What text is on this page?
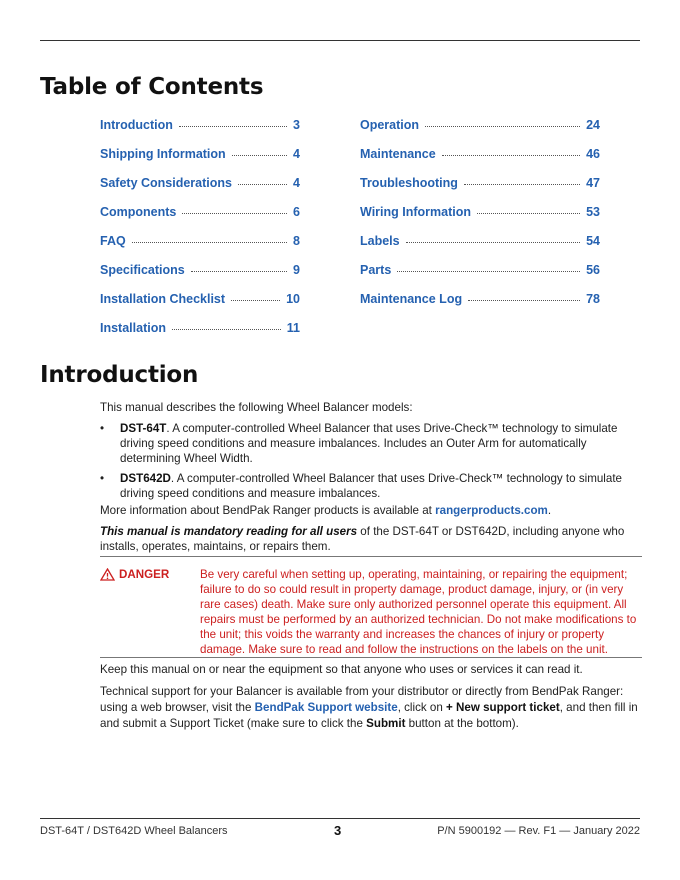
Table of Contents
Introduction	3
Shipping Information	4
Safety Considerations	4
Components	6
FAQ	8
Specifications	9
Installation Checklist	10
Installation	11
Operation	24
Maintenance	46
Troubleshooting	47
Wiring Information	53
Labels	54
Parts	56
Maintenance Log	78
Introduction
This manual describes the following Wheel Balancer models:
• DST-64T. A computer-controlled Wheel Balancer that uses Drive-Check™ technology to simulate driving speed conditions and measure imbalances. Includes an Outer Arm for automatically determining Wheel Width.
• DST642D. A computer-controlled Wheel Balancer that uses Drive-Check™ technology to simulate driving speed conditions and measure imbalances.
More information about BendPak Ranger products is available at rangerproducts.com.
This manual is mandatory reading for all users of the DST-64T or DST642D, including anyone who installs, operates, maintains, or repairs them.
DANGER	Be very careful when setting up, operating, maintaining, or repairing the equipment; failure to do so could result in property damage, product damage, injury, or (in very rare cases) death. Make sure only authorized personnel operate this equipment. All repairs must be performed by an authorized technician. Do not make modifications to the unit; this voids the warranty and increases the chances of injury or property damage. Make sure to read and follow the instructions on the labels on the unit.
Keep this manual on or near the equipment so that anyone who uses or services it can read it.
Technical support for your Balancer is available from your distributor or directly from BendPak Ranger: using a web browser, visit the BendPak Support website, click on + New support ticket, and then fill in and submit a Support Ticket (make sure to click the Submit button at the bottom).
DST-64T / DST642D Wheel Balancers	3	P/N 5900192 — Rev. F1 — January 2022
